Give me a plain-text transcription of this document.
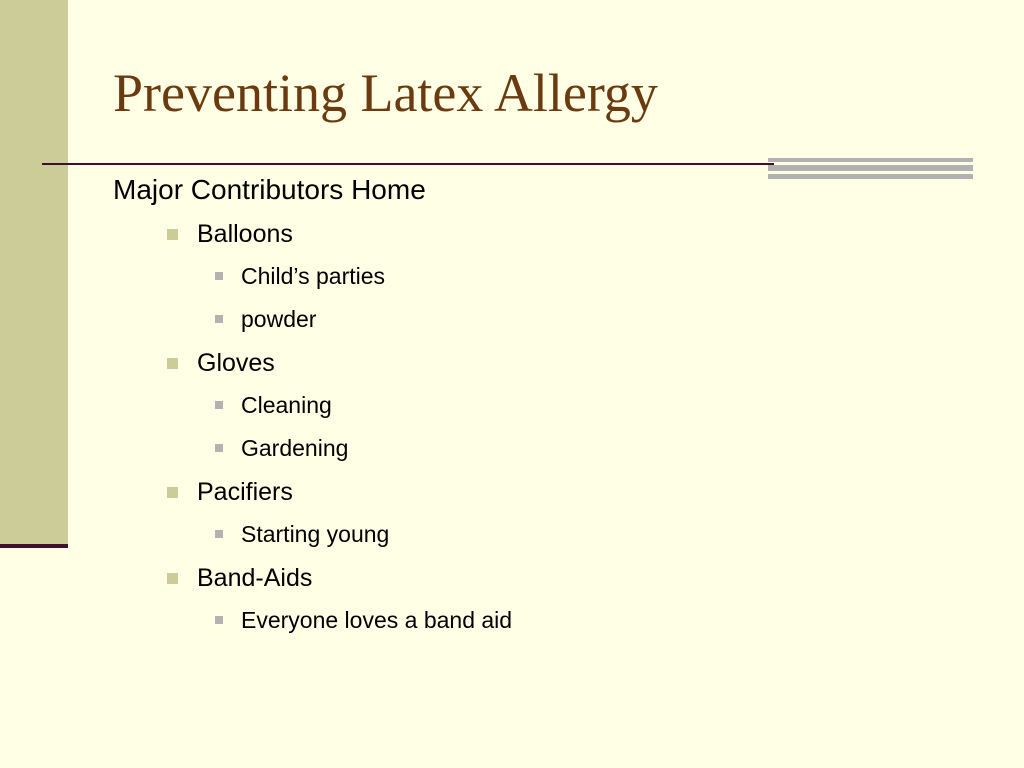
Preventing Latex Allergy
Major Contributors Home
Balloons
Child’s parties
powder
Gloves
Cleaning
Gardening
Pacifiers
Starting young
Band-Aids
Everyone loves a band aid
